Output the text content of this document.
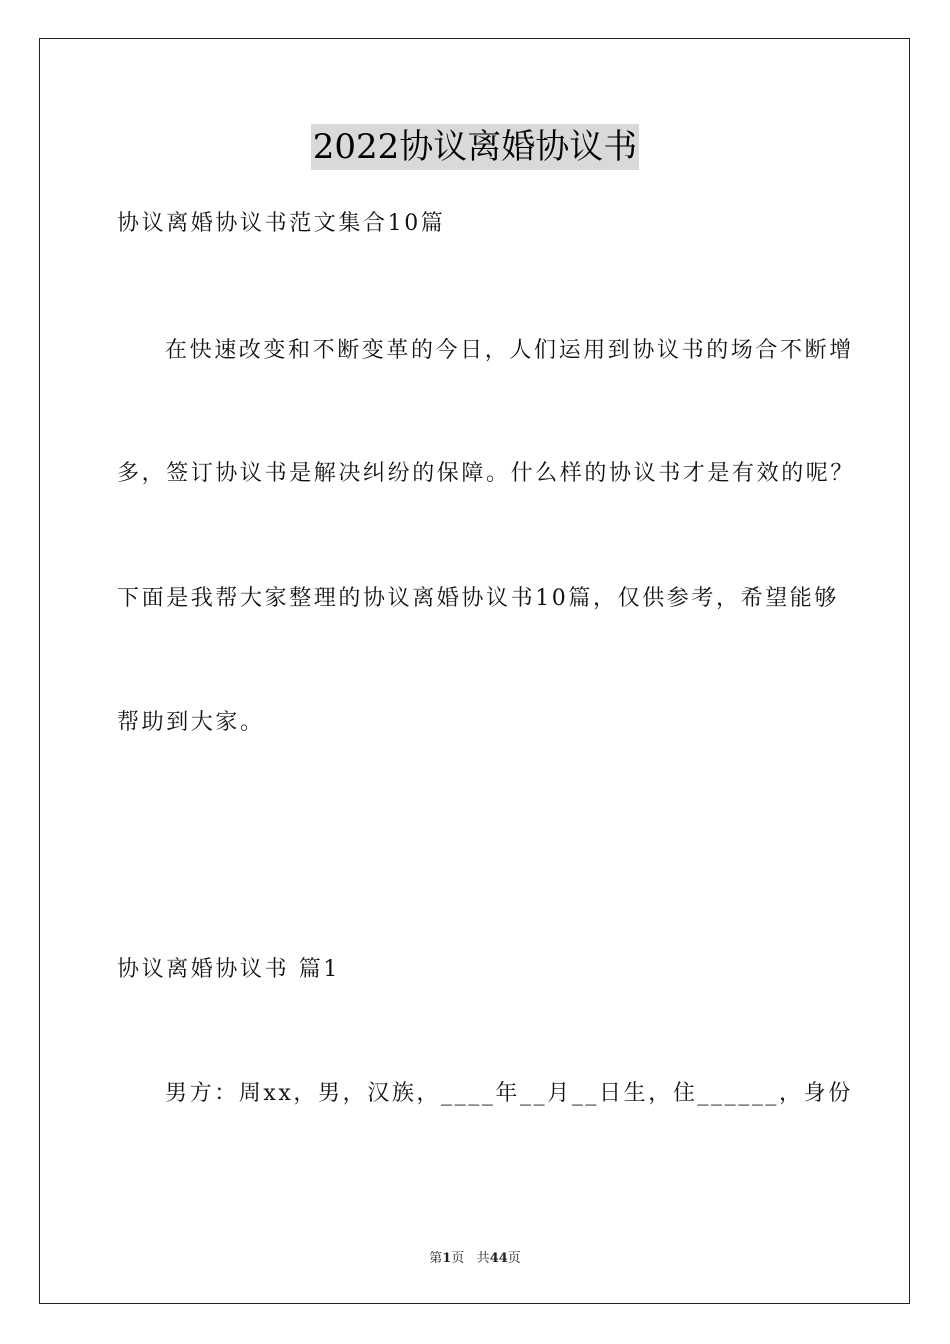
2022协议离婚协议书
协议离婚协议书范文集合10篇
在快速改变和不断变革的今日，人们运用到协议书的场合不断增
多，签订协议书是解决纠纷的保障。什么样的协议书才是有效的呢？
下面是我帮大家整理的协议离婚协议书10篇，仅供参考，希望能够
帮助到大家。
协议离婚协议书 篇1
男方：周xx，男，汉族，____年__月__日生，住______，身份
第1页 共44页
